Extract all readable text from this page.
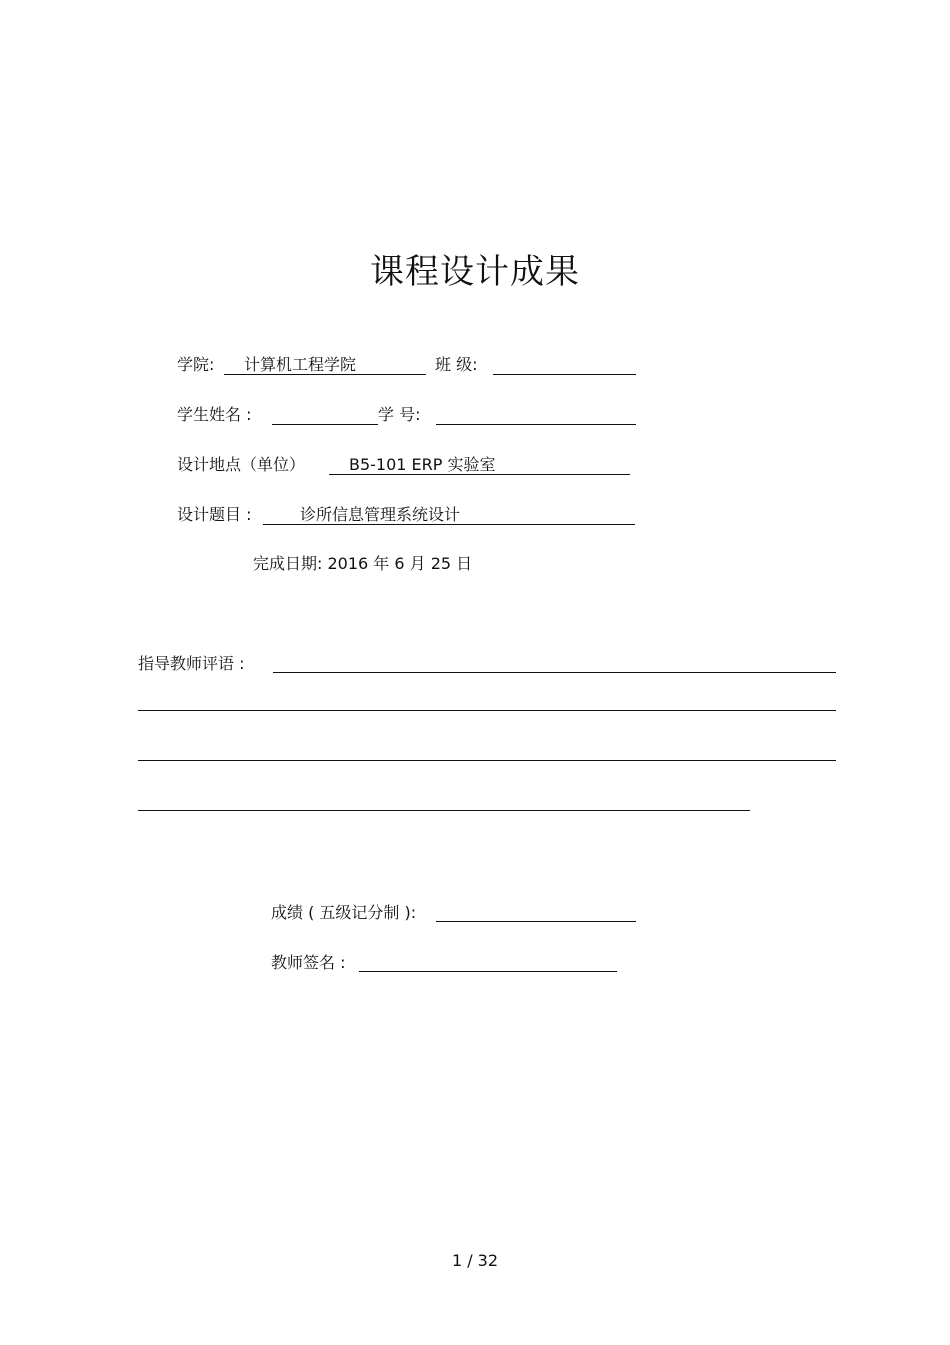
课程设计成果
学院: 计算机工程学院	班 级:
学生姓名 :	学 号:
设计地点（单位）	B5-101 ERP 实验室
设计题目 :	诊所信息管理系统设计
完成日期: 2016 年 6 月 25 日
指导教师评语 :
成绩 ( 五级记分制 ):
教师签名 :
1 / 32
